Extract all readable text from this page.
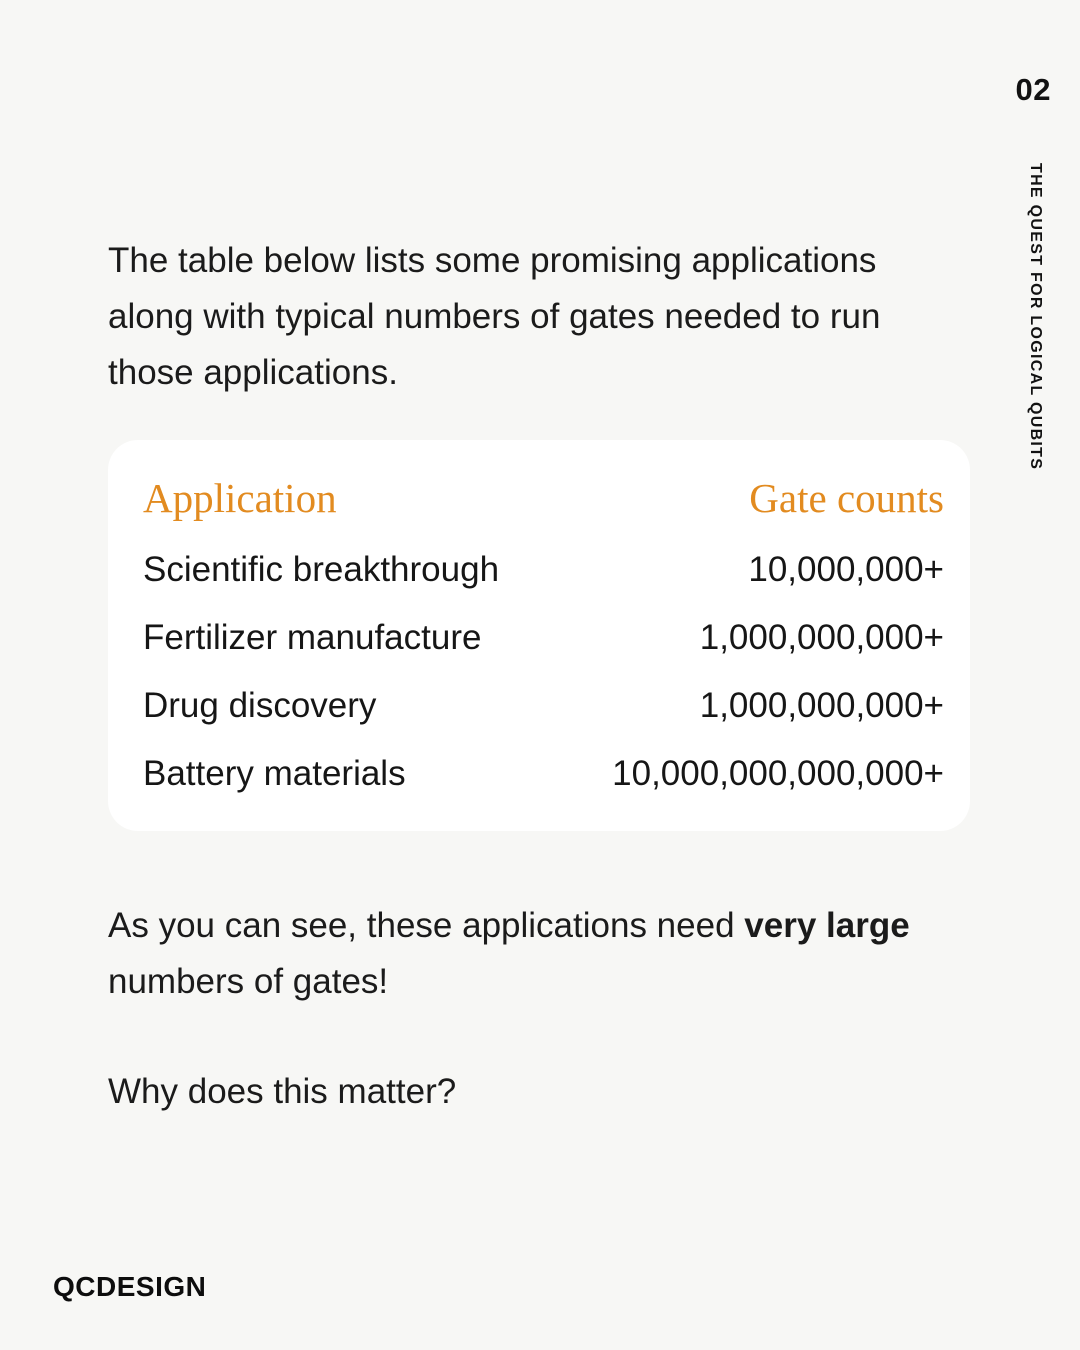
02
THE QUEST FOR LOGICAL QUBITS
The table below lists some promising applications
along with typical numbers of gates needed to run
those applications.
Application	Gate counts
Scientific breakthrough	10,000,000+
Fertilizer manufacture	1,000,000,000+
Drug discovery	1,000,000,000+
Battery materials	10,000,000,000,000+
As you can see, these applications need very large
numbers of gates!
Why does this matter?
QCDESIGN
